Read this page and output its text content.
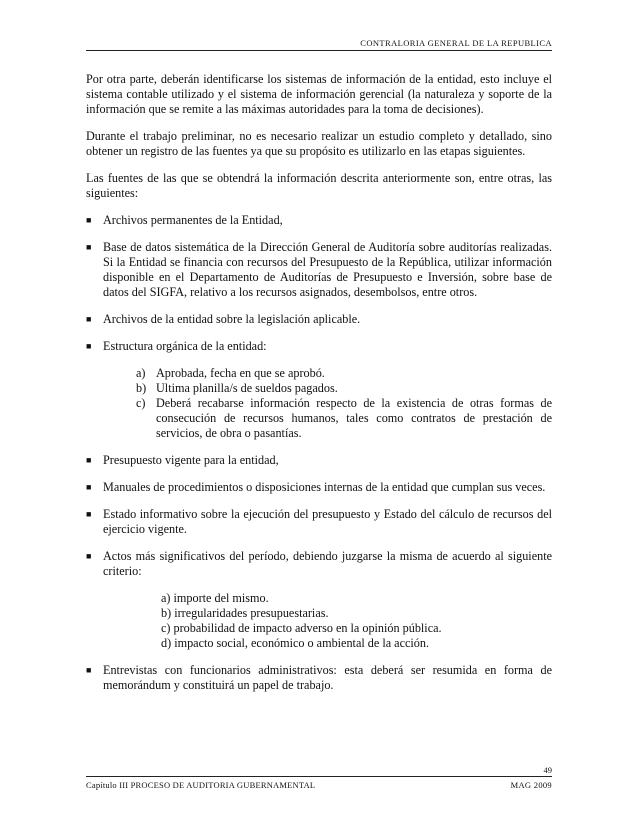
CONTRALORIA GENERAL DE LA REPUBLICA

Por otra parte, deberán identificarse los sistemas de información de la entidad, esto incluye el sistema contable utilizado y el sistema de información gerencial (la naturaleza y soporte de la información que se remite a las máximas autoridades para la toma de decisiones).

Durante el trabajo preliminar, no es necesario realizar un estudio completo y detallado, sino obtener un registro de las fuentes ya que su propósito es utilizarlo en las etapas siguientes.

Las fuentes de las que se obtendrá la información descrita anteriormente son, entre otras, las siguientes:

■ Archivos permanentes de la Entidad,
■ Base de datos sistemática de la Dirección General de Auditoría sobre auditorías realizadas. Si la Entidad se financia con recursos del Presupuesto de la República, utilizar información disponible en el Departamento de Auditorías de Presupuesto e Inversión, sobre base de datos del SIGFA, relativo a los recursos asignados, desembolsos, entre otros.
■ Archivos de la entidad sobre la legislación aplicable.
■ Estructura orgánica de la entidad:
a) Aprobada, fecha en que se aprobó.
b) Ultima planilla/s de sueldos pagados.
c) Deberá recabarse información respecto de la existencia de otras formas de consecución de recursos humanos, tales como contratos de prestación de servicios, de obra o pasantías.
■ Presupuesto vigente para la entidad,
■ Manuales de procedimientos o disposiciones internas de la entidad que cumplan sus veces.
■ Estado informativo sobre la ejecución del presupuesto y Estado del cálculo de recursos del ejercicio vigente.
■ Actos más significativos del período, debiendo juzgarse la misma de acuerdo al siguiente criterio:
a) importe del mismo.
b) irregularidades presupuestarias.
c) probabilidad de impacto adverso en la opinión pública.
d) impacto social, económico o ambiental de la acción.
■ Entrevistas con funcionarios administrativos: esta deberá ser resumida en forma de memorándum y constituirá un papel de trabajo.
49
Capítulo III PROCESO DE AUDITORIA GUBERNAMENTAL	MAG 2009
